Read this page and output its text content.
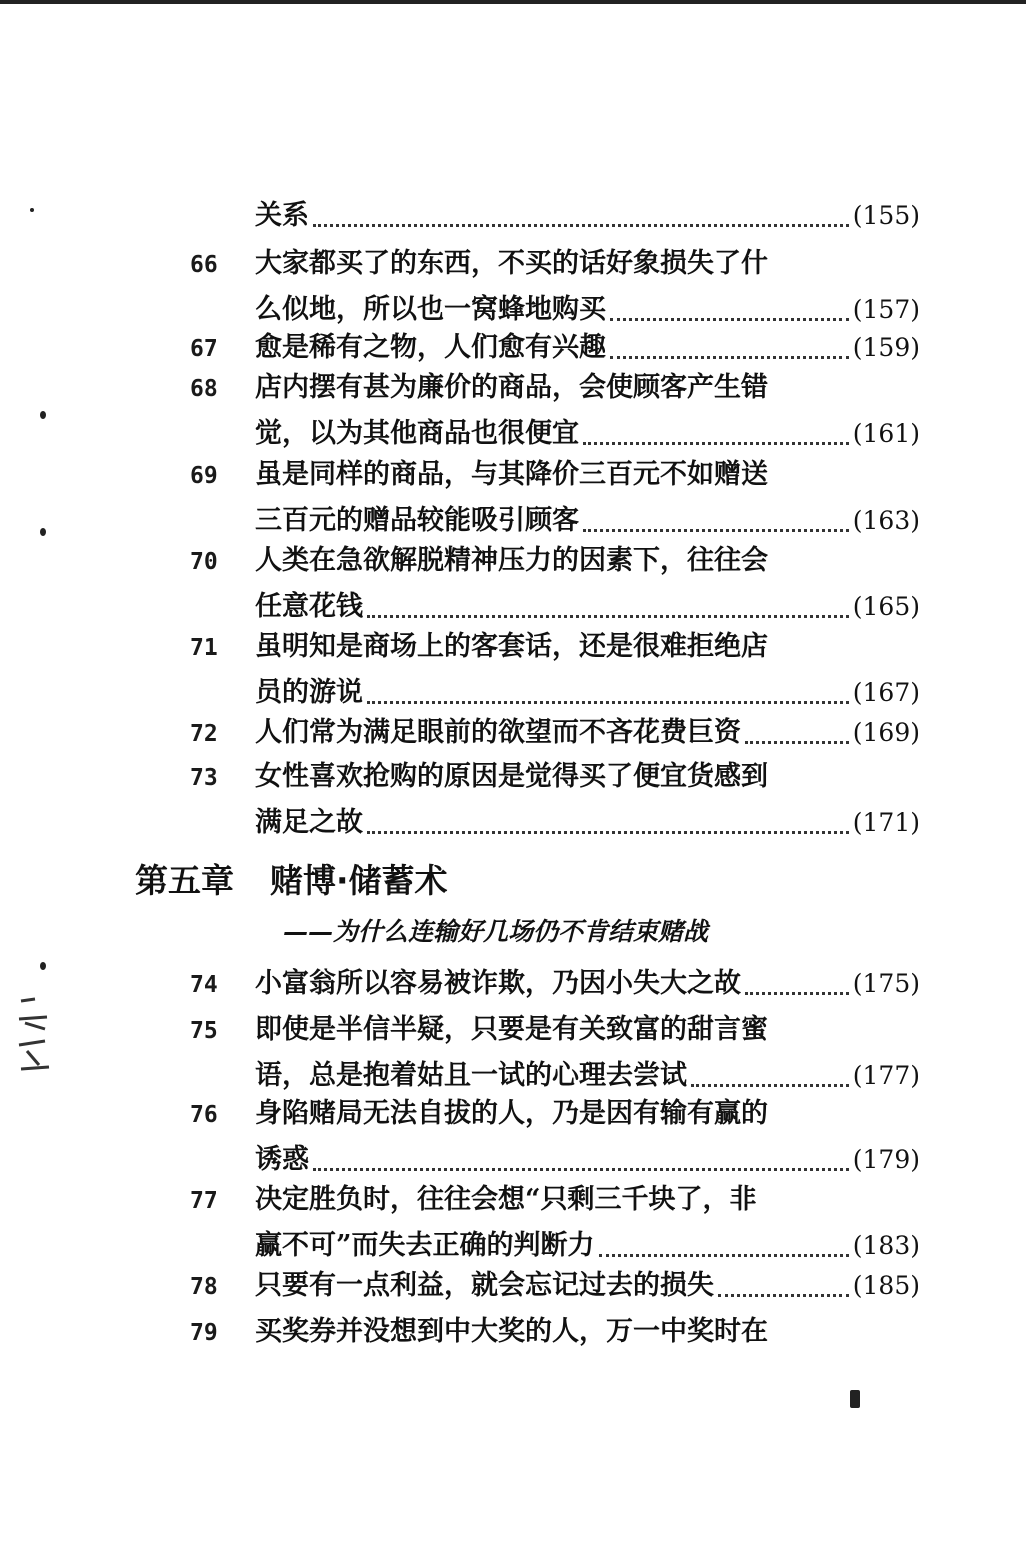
关系	(155)
66	大家都买了的东西，不买的话好象损失了什
么似地，所以也一窝蜂地购买	(157)
67	愈是稀有之物，人们愈有兴趣	(159)
68	店内摆有甚为廉价的商品，会使顾客产生错
觉，以为其他商品也很便宜	(161)
69	虽是同样的商品，与其降价三百元不如赠送
三百元的赠品较能吸引顾客	(163)
70	人类在急欲解脱精神压力的因素下，往往会
任意花钱	(165)
71	虽明知是商场上的客套话，还是很难拒绝店
员的游说	(167)
72	人们常为满足眼前的欲望而不吝花费巨资	(169)
73	女性喜欢抢购的原因是觉得买了便宜货感到
满足之故	(171)
74	小富翁所以容易被诈欺，乃因小失大之故	(175)
75	即使是半信半疑，只要是有关致富的甜言蜜
语，总是抱着姑且一试的心理去尝试	(177)
76	身陷赌局无法自拔的人，乃是因有输有赢的
诱惑	(179)
77	决定胜负时，往往会想“只剩三千块了，非
赢不可”而失去正确的判断力	(183)
78	只要有一点利益，就会忘记过去的损失	(185)
79	买奖券并没想到中大奖的人，万一中奖时在
第五章 赌博·储蓄术
——为什么连输好几场仍不肯结束赌战
